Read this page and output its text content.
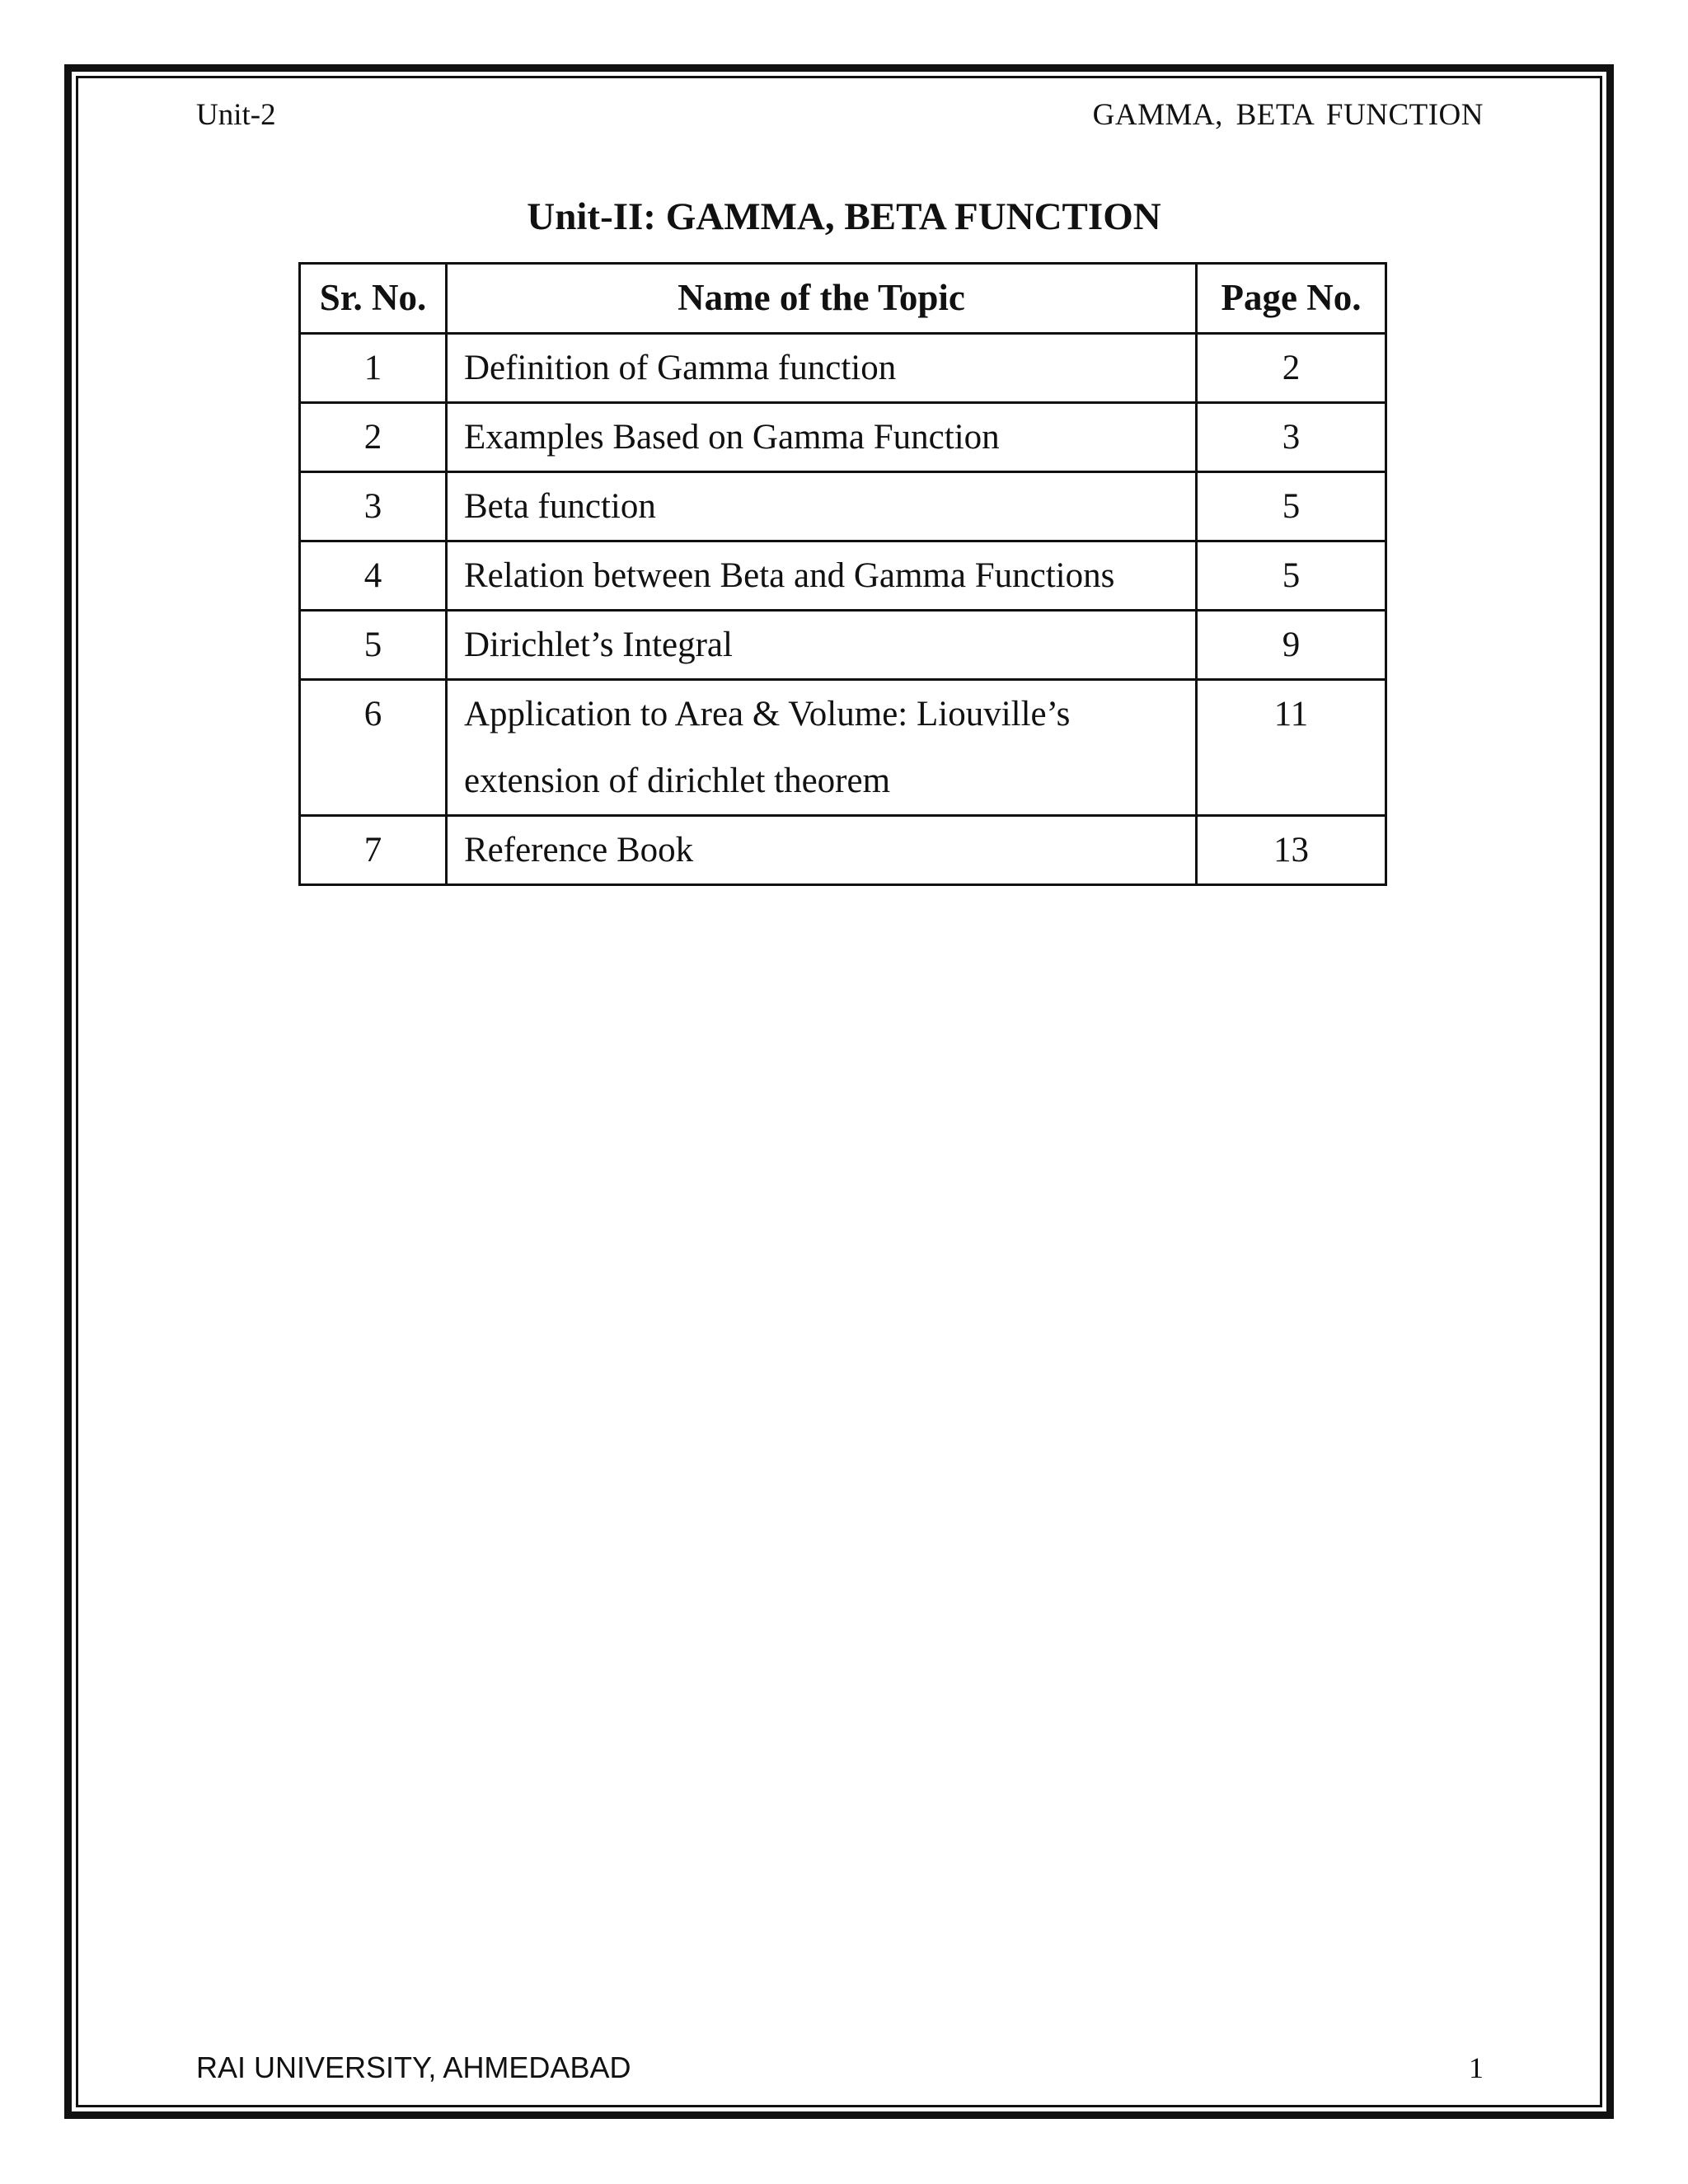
Unit-2	GAMMA, BETA FUNCTION
Unit-II: GAMMA, BETA FUNCTION
Sr. No.	Name of the Topic	Page No.
1	Definition of Gamma function	2
2	Examples Based on Gamma Function	3
3	Beta function	5
4	Relation between Beta and Gamma Functions	5
5	Dirichlet’s Integral	9
6	Application to Area & Volume: Liouville’s extension of dirichlet theorem	11
7	Reference Book	13
RAI UNIVERSITY, AHMEDABAD	1
